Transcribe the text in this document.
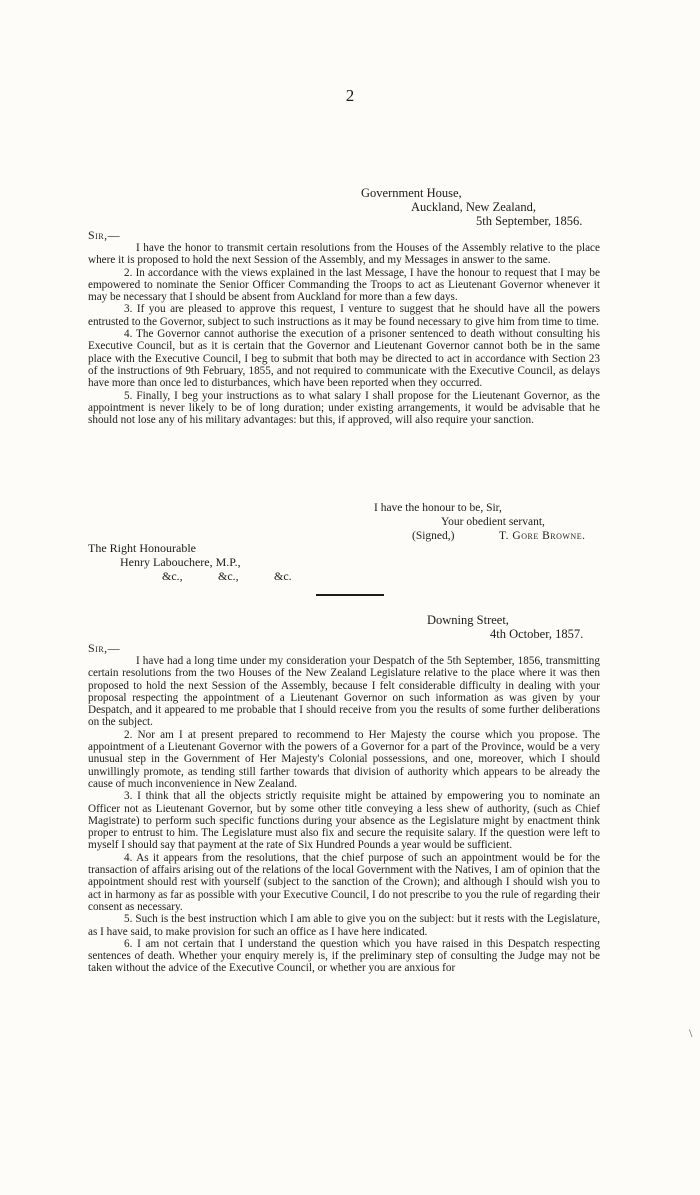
2
Government House,
Auckland, New Zealand,
5th September, 1856.
Sir,—

I have the honor to transmit certain resolutions from the Houses of the Assembly relative to the place where it is proposed to hold the next Session of the Assembly, and my Messages in answer to the same.

2. In accordance with the views explained in the last Message, I have the honour to request that I may be empowered to nominate the Senior Officer Commanding the Troops to act as Lieutenant Governor whenever it may be necessary that I should be absent from Auckland for more than a few days.

3. If you are pleased to approve this request, I venture to suggest that he should have all the powers entrusted to the Governor, subject to such instructions as it may be found necessary to give him from time to time.

4. The Governor cannot authorise the execution of a prisoner sentenced to death without consulting his Executive Council, but as it is certain that the Governor and Lieutenant Governor cannot both be in the same place with the Executive Council, I beg to submit that both may be directed to act in accordance with Section 23 of the instructions of 9th February, 1855, and not required to communicate with the Executive Council, as delays have more than once led to disturbances, which have been reported when they occurred.

5. Finally, I beg your instructions as to what salary I shall propose for the Lieutenant Governor, as the appointment is never likely to be of long duration; under existing arrangements, it would be advisable that he should not lose any of his military advantages: but this, if approved, will also require your sanction.

I have the honour to be, Sir,
Your obedient servant,
(Signed,)	T. Gore Browne.
The Right Honourable
Henry Labouchere, M.P.,
&c.,	&c.,	&c.
Downing Street,
4th October, 1857.
Sir,—

I have had a long time under my consideration your Despatch of the 5th September, 1856, transmitting certain resolutions from the two Houses of the New Zealand Legislature relative to the place where it was then proposed to hold the next Session of the Assembly, because I felt considerable difficulty in dealing with your proposal respecting the appointment of a Lieutenant Governor on such information as was given by your Despatch, and it appeared to me probable that I should receive from you the results of some further deliberations on the subject.

2. Nor am I at present prepared to recommend to Her Majesty the course which you propose. The appointment of a Lieutenant Governor with the powers of a Governor for a part of the Province, would be a very unusual step in the Government of Her Majesty's Colonial possessions, and one, moreover, which I should unwillingly promote, as tending still farther towards that division of authority which appears to be already the cause of much inconvenience in New Zealand.

3. I think that all the objects strictly requisite might be attained by empowering you to nominate an Officer not as Lieutenant Governor, but by some other title conveying a less shew of authority, (such as Chief Magistrate) to perform such specific functions during your absence as the Legislature might by enactment think proper to entrust to him. The Legislature must also fix and secure the requisite salary. If the question were left to myself I should say that payment at the rate of Six Hundred Pounds a year would be sufficient.

4. As it appears from the resolutions, that the chief purpose of such an appointment would be for the transaction of affairs arising out of the relations of the local Government with the Natives, I am of opinion that the appointment should rest with yourself (subject to the sanction of the Crown); and although I should wish you to act in harmony as far as possible with your Executive Council, I do not prescribe to you the rule of regarding their consent as necessary.

5. Such is the best instruction which I am able to give you on the subject: but it rests with the Legislature, as I have said, to make provision for such an office as I have here indicated.

6. I am not certain that I understand the question which you have raised in this Despatch respecting sentences of death. Whether your enquiry merely is, if the preliminary step of consulting the Judge may not be taken without the advice of the Executive Council, or whether you are anxious for

\
